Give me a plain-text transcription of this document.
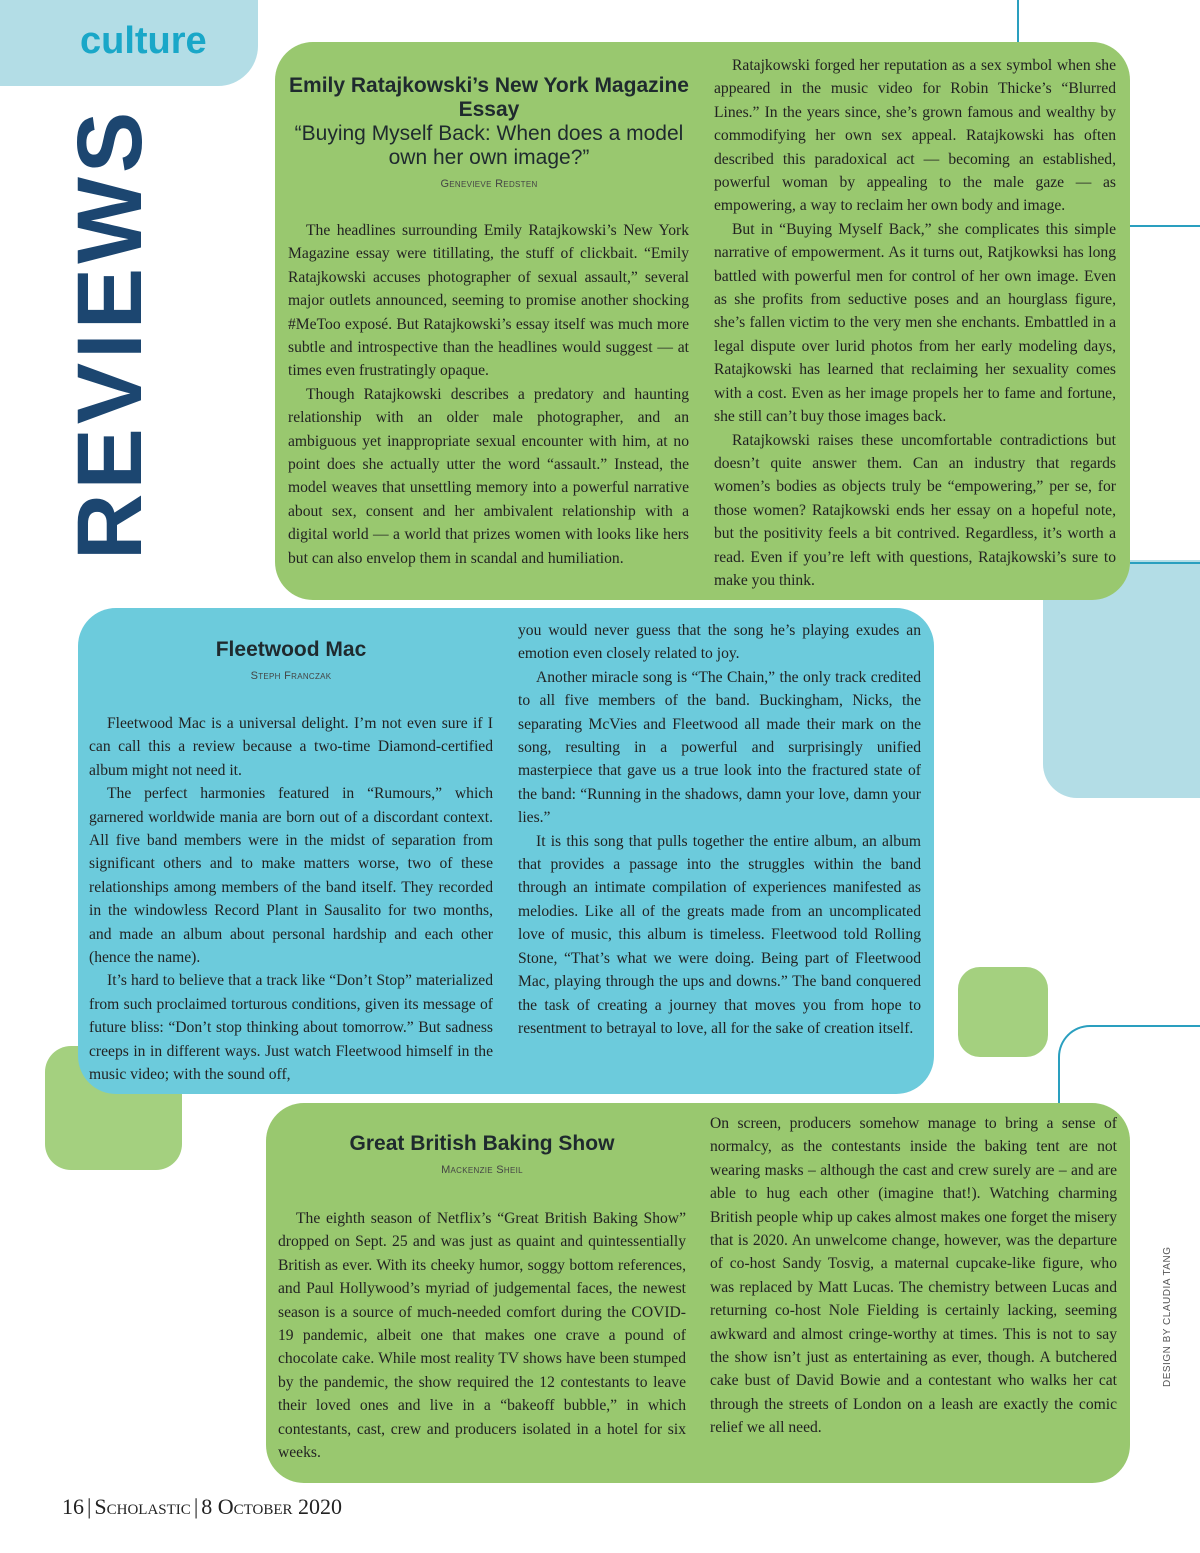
culture
REVIEWS

Emily Ratajkowski’s New York Magazine Essay

“Buying Myself Back: When does a model own her own image?”

Genevieve Redsten

The headlines surrounding Emily Ratajkowski’s New York Magazine essay were titillating, the stuff of clickbait. “Emily Ratajkowski accuses photographer of sexual assault,” several major outlets announced, seeming to promise another shocking #MeToo exposé. But Ratajkowski’s essay itself was much more subtle and introspective than the headlines would suggest — at times even frustratingly opaque.

Though Ratajkowski describes a predatory and haunting relationship with an older male photographer, and an ambiguous yet inappropriate sexual encounter with him, at no point does she actually utter the word “assault.” Instead, the model weaves that unsettling memory into a powerful narrative about sex, consent and her ambivalent relationship with a digital world — a world that prizes women with looks like hers but can also envelop them in scandal and humiliation.

Ratajkowski forged her reputation as a sex symbol when she appeared in the music video for Robin Thicke’s “Blurred Lines.” In the years since, she’s grown famous and wealthy by commodifying her own sex appeal. Ratajkowski has often described this paradoxical act — becoming an established, powerful woman by appealing to the male gaze — as empowering, a way to reclaim her own body and image.

But in “Buying Myself Back,” she complicates this simple narrative of empowerment. As it turns out, Ratjkowksi has long battled with powerful men for control of her own image. Even as she profits from seductive poses and an hourglass figure, she’s fallen victim to the very men she enchants. Embattled in a legal dispute over lurid photos from her early modeling days, Ratajkowski has learned that reclaiming her sexuality comes with a cost. Even as her image propels her to fame and fortune, she still can’t buy those images back.

Ratajkowski raises these uncomfortable contradictions but doesn’t quite answer them. Can an industry that regards women’s bodies as objects truly be “empowering,” per se, for those women? Ratajkowski ends her essay on a hopeful note, but the positivity feels a bit contrived. Regardless, it’s worth a read. Even if you’re left with questions, Ratajkowski’s sure to make you think.

Fleetwood Mac

Steph Franczak

Fleetwood Mac is a universal delight. I’m not even sure if I can call this a review because a two-time Diamond-certified album might not need it.

The perfect harmonies featured in “Rumours,” which garnered worldwide mania are born out of a discordant context. All five band members were in the midst of separation from significant others and to make matters worse, two of these relationships among members of the band itself. They recorded in the windowless Record Plant in Sausalito for two months, and made an album about personal hardship and each other (hence the name).

It’s hard to believe that a track like “Don’t Stop” materialized from such proclaimed torturous conditions, given its message of future bliss: “Don’t stop thinking about tomorrow.” But sadness creeps in in different ways. Just watch Fleetwood himself in the music video; with the sound off,

you would never guess that the song he’s playing exudes an emotion even closely related to joy.

Another miracle song is “The Chain,” the only track credited to all five members of the band. Buckingham, Nicks, the separating McVies and Fleetwood all made their mark on the song, resulting in a powerful and surprisingly unified masterpiece that gave us a true look into the fractured state of the band: “Running in the shadows, damn your love, damn your lies.”

It is this song that pulls together the entire album, an album that provides a passage into the struggles within the band through an intimate compilation of experiences manifested as melodies. Like all of the greats made from an uncomplicated love of music, this album is timeless. Fleetwood told Rolling Stone, “That’s what we were doing. Being part of Fleetwood Mac, playing through the ups and downs.” The band conquered the task of creating a journey that moves you from hope to resentment to betrayal to love, all for the sake of creation itself.

Great British Baking Show

Mackenzie Sheil

The eighth season of Netflix’s “Great British Baking Show” dropped on Sept. 25 and was just as quaint and quintessentially British as ever. With its cheeky humor, soggy bottom references, and Paul Hollywood’s myriad of judgemental faces, the newest season is a source of much-needed comfort during the COVID-19 pandemic, albeit one that makes one crave a pound of chocolate cake. While most reality TV shows have been stumped by the pandemic, the show required the 12 contestants to leave their loved ones and live in a “bakeoff bubble,” in which contestants, cast, crew and producers isolated in a hotel for six weeks.

On screen, producers somehow manage to bring a sense of normalcy, as the contestants inside the baking tent are not wearing masks – although the cast and crew surely are – and are able to hug each other (imagine that!). Watching charming British people whip up cakes almost makes one forget the misery that is 2020. An unwelcome change, however, was the departure of co-host Sandy Tosvig, a maternal cupcake-like figure, who was replaced by Matt Lucas. The chemistry between Lucas and returning co-host Nole Fielding is certainly lacking, seeming awkward and almost cringe-worthy at times. This is not to say the show isn’t just as entertaining as ever, though. A butchered cake bust of David Bowie and a contestant who walks her cat through the streets of London on a leash are exactly the comic relief we all need.

DESIGN BY CLAUDIA TANG
16 | Scholastic | 8 October 2020
